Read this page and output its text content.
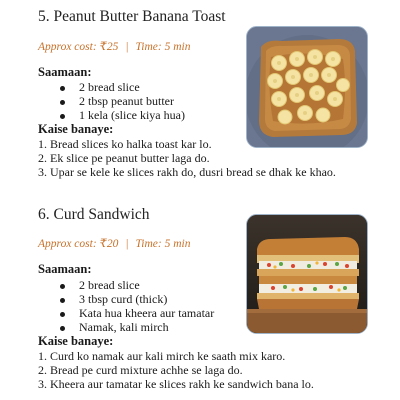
5. Peanut Butter Banana Toast
Approx cost: ₹25 | Time: 5 min
Saamaan:
2 bread slice
2 tbsp peanut butter
1 kela (slice kiya hua)
Kaise banaye:
1. Bread slices ko halka toast kar lo.
2. Ek slice pe peanut butter laga do.
3. Upar se kele ke slices rakh do, dusri bread se dhak ke khao.
6. Curd Sandwich
Approx cost: ₹20 | Time: 5 min
Saamaan:
2 bread slice
3 tbsp curd (thick)
Kata hua kheera aur tamatar
Namak, kali mirch
Kaise banaye:
1. Curd ko namak aur kali mirch ke saath mix karo.
2. Bread pe curd mixture achhe se laga do.
3. Kheera aur tamatar ke slices rakh ke sandwich bana lo.
